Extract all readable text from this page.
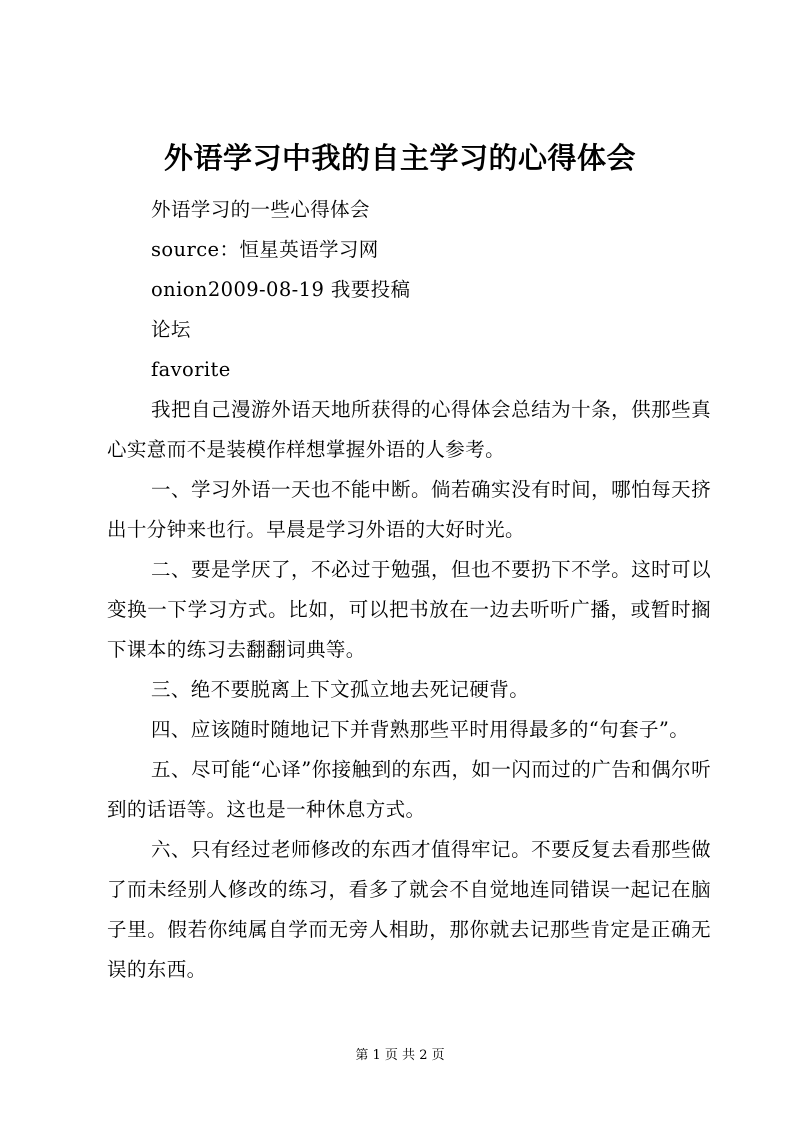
外语学习中我的自主学习的心得体会

外语学习的一些心得体会

source：恒星英语学习网

onion2009-08-19 我要投稿

论坛

favorite

我把自己漫游外语天地所获得的心得体会总结为十条，供那些真心实意而不是装模作样想掌握外语的人参考。

一、学习外语一天也不能中断。倘若确实没有时间，哪怕每天挤出十分钟来也行。早晨是学习外语的大好时光。

二、要是学厌了，不必过于勉强，但也不要扔下不学。这时可以变换一下学习方式。比如，可以把书放在一边去听听广播，或暂时搁下课本的练习去翻翻词典等。

三、绝不要脱离上下文孤立地去死记硬背。

四、应该随时随地记下并背熟那些平时用得最多的“句套子”。

五、尽可能“心译”你接触到的东西，如一闪而过的广告和偶尔听到的话语等。这也是一种休息方式。

六、只有经过老师修改的东西才值得牢记。不要反复去看那些做了而未经别人修改的练习，看多了就会不自觉地连同错误一起记在脑子里。假若你纯属自学而无旁人相助，那你就去记那些肯定是正确无误的东西。

第 1 页 共 2 页
